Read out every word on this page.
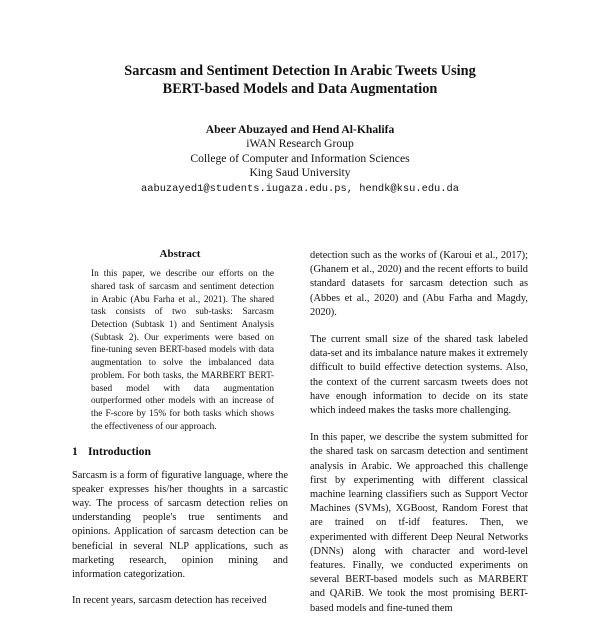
Sarcasm and Sentiment Detection In Arabic Tweets Using
BERT-based Models and Data Augmentation
Abeer Abuzayed and Hend Al-Khalifa
iWAN Research Group
College of Computer and Information Sciences
King Saud University
aabuzayed1@students.iugaza.edu.ps, hendk@ksu.edu.da
Abstract

In this paper, we describe our efforts on the shared task of sarcasm and sentiment detection in Arabic (Abu Farha et al., 2021). The shared task consists of two sub-tasks: Sarcasm Detection (Subtask 1) and Sentiment Analysis (Subtask 2). Our experiments were based on fine-tuning seven BERT-based models with data augmentation to solve the imbalanced data problem. For both tasks, the MARBERT BERT-based model with data augmentation outperformed other models with an increase of the F-score by 15% for both tasks which shows the effectiveness of our approach.

1 Introduction

Sarcasm is a form of figurative language, where the speaker expresses his/her thoughts in a sarcastic way. The process of sarcasm detection relies on understanding people's true sentiments and opinions. Application of sarcasm detection can be beneficial in several NLP applications, such as marketing research, opinion mining and information categorization.

In recent years, sarcasm detection has received

detection such as the works of (Karoui et al., 2017); (Ghanem et al., 2020) and the recent efforts to build standard datasets for sarcasm detection such as (Abbes et al., 2020) and (Abu Farha and Magdy, 2020).

The current small size of the shared task labeled data-set and its imbalance nature makes it extremely difficult to build effective detection systems. Also, the context of the current sarcasm tweets does not have enough information to decide on its state which indeed makes the tasks more challenging.

In this paper, we describe the system submitted for the shared task on sarcasm detection and sentiment analysis in Arabic. We approached this challenge first by experimenting with different classical machine learning classifiers such as Support Vector Machines (SVMs), XGBoost, Random Forest that are trained on tf-idf features. Then, we experimented with different Deep Neural Networks (DNNs) along with character and word-level features. Finally, we conducted experiments on several BERT-based models such as MARBERT and QARiB. We took the most promising BERT-based models and fine-tuned them
